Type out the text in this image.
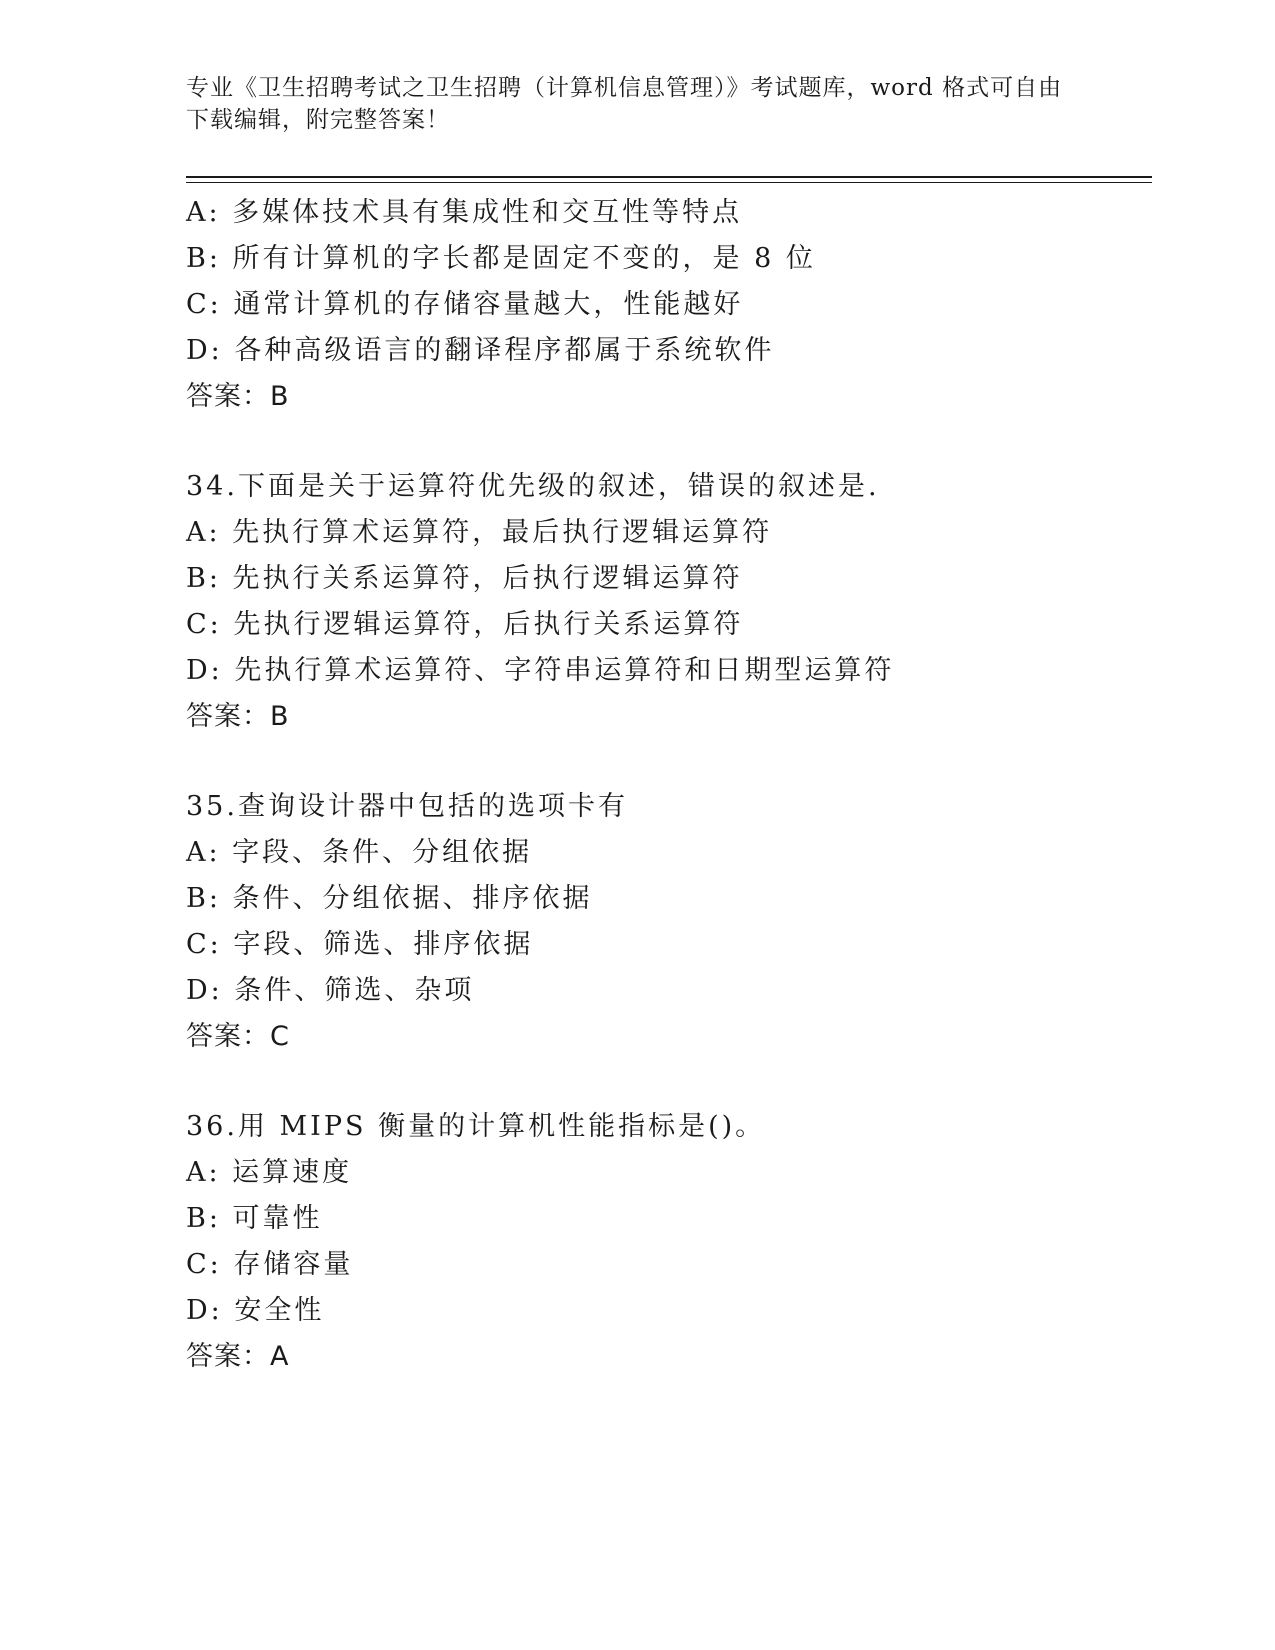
专业《卫生招聘考试之卫生招聘（计算机信息管理）》考试题库，word 格式可自由下载编辑，附完整答案！
A: 多媒体技术具有集成性和交互性等特点
B: 所有计算机的字长都是固定不变的，是 8 位
C: 通常计算机的存储容量越大，性能越好
D: 各种高级语言的翻译程序都属于系统软件
答案：B
34.下面是关于运算符优先级的叙述，错误的叙述是.
A: 先执行算术运算符，最后执行逻辑运算符
B: 先执行关系运算符，后执行逻辑运算符
C: 先执行逻辑运算符，后执行关系运算符
D: 先执行算术运算符、字符串运算符和日期型运算符
答案：B
35.查询设计器中包括的选项卡有
A: 字段、条件、分组依据
B: 条件、分组依据、排序依据
C: 字段、筛选、排序依据
D: 条件、筛选、杂项
答案：C
36.用 MIPS 衡量的计算机性能指标是()。
A: 运算速度
B: 可靠性
C: 存储容量
D: 安全性
答案：A
